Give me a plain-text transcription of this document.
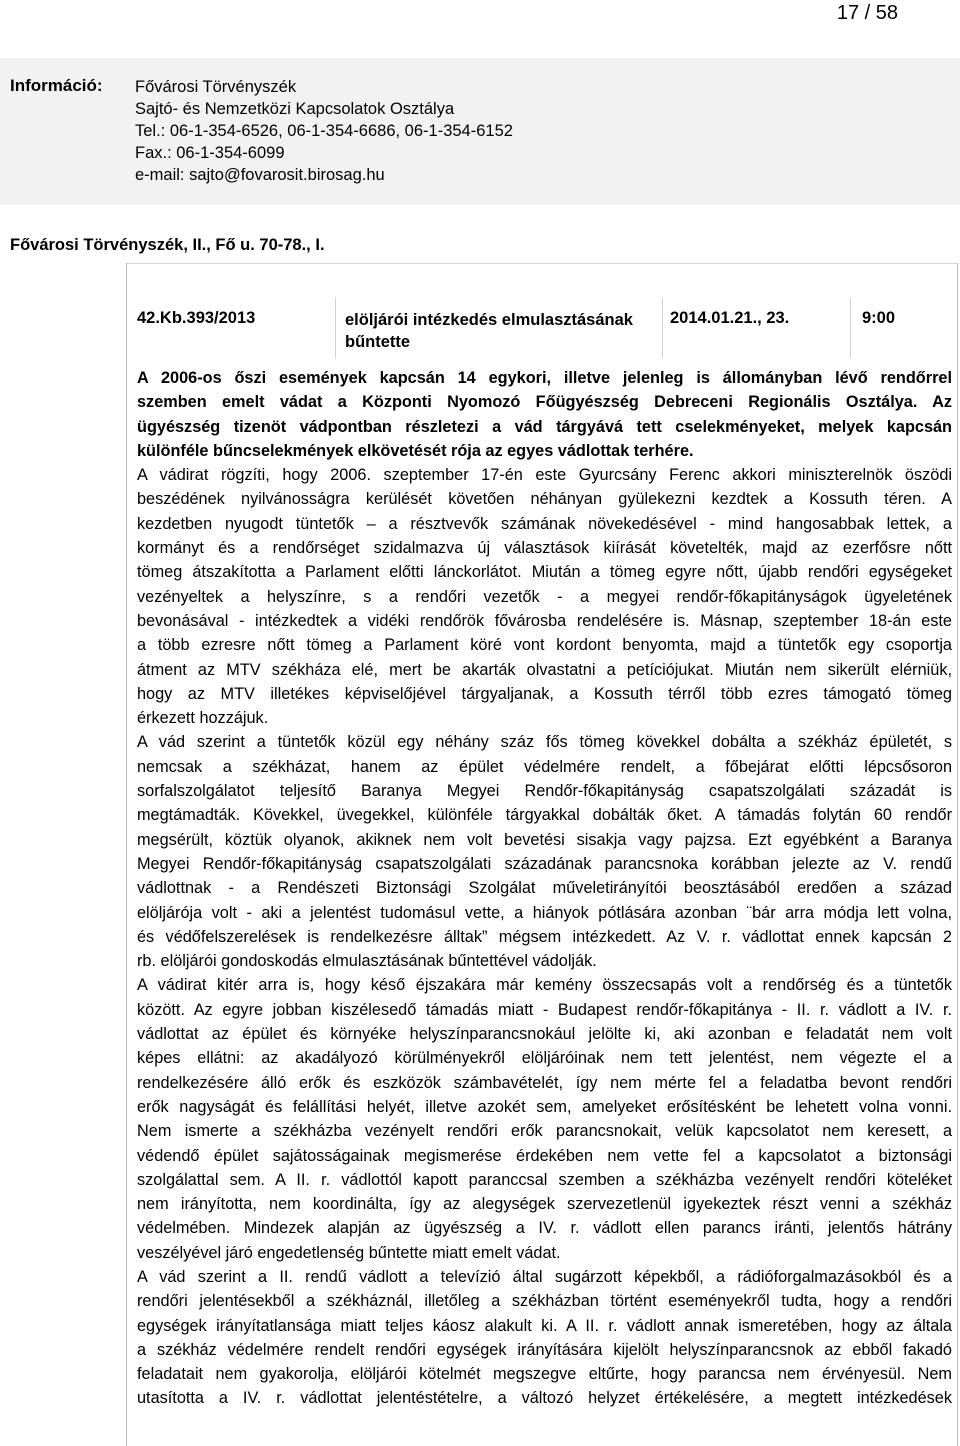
17 / 58
Információ: Fővárosi Törvényszék
Sajtó- és Nemzetközi Kapcsolatok Osztálya
Tel.: 06-1-354-6526, 06-1-354-6686, 06-1-354-6152
Fax.: 06-1-354-6099
e-mail: sajto@fovarosit.birosag.hu
Fővárosi Törvényszék, II., Fő u. 70-78., I.
42.Kb.393/2013	elöljárói intézkedés elmulasztásának
bűntette
2014.01.21., 23.	9:00
A 2006-os őszi események kapcsán 14 egykori, illetve jelenleg is állományban lévő rendőrrel
szemben emelt vádat a Központi Nyomozó Főügyészség Debreceni Regionális Osztálya. Az
ügyészség tizenöt vádpontban részletezi a vád tárgyává tett cselekményeket, melyek kapcsán
különféle bűncselekmények elkövetését rója az egyes vádlottak terhére.
A vádirat rögzíti, hogy 2006. szeptember 17-én este Gyurcsány Ferenc akkori miniszterelnök öszödi
beszédének nyilvánosságra kerülését követően néhányan gyülekezni kezdtek a Kossuth téren. A
kezdetben nyugodt tüntetők – a résztvevők számának növekedésével - mind hangosabbak lettek, a
kormányt és a rendőrséget szidalmazva új választások kiírását követelték, majd az ezerfősre nőtt
tömeg átszakította a Parlament előtti lánckorlátot. Miután a tömeg egyre nőtt, újabb rendőri egységeket
vezényeltek a helyszínre, s a rendőri vezetők - a megyei rendőr-főkapitányságok ügyeletének
bevonásával - intézkedtek a vidéki rendőrök fővárosba rendelésére is. Másnap, szeptember 18-án este
a több ezresre nőtt tömeg a Parlament köré vont kordont benyomta, majd a tüntetők egy csoportja
átment az MTV székháza elé, mert be akarták olvastatni a petíciójukat. Miután nem sikerült elérniük,
hogy az MTV illetékes képviselőjével tárgyaljanak, a Kossuth térről több ezres támogató tömeg
érkezett hozzájuk.
A vád szerint a tüntetők közül egy néhány száz fős tömeg kövekkel dobálta a székház épületét, s
nemcsak a székházat, hanem az épület védelmére rendelt, a főbejárat előtti lépcsősoron
sorfalszolgálatot teljesítő Baranya Megyei Rendőr-főkapitányság csapatszolgálati századát is
megtámadták. Kövekkel, üvegekkel, különféle tárgyakkal dobálták őket. A támadás folytán 60 rendőr
megsérült, köztük olyanok, akiknek nem volt bevetési sisakja vagy pajzsa. Ezt egyébként a Baranya
Megyei Rendőr-főkapitányság csapatszolgálati századának parancsnoka korábban jelezte az V. rendű
vádlottnak - a Rendészeti Biztonsági Szolgálat műveletirányítói beosztásából eredően a század
elöljárója volt - aki a jelentést tudomásul vette, a hiányok pótlására azonban ¨bár arra módja lett volna,
és védőfelszerelések is rendelkezésre álltak” mégsem intézkedett. Az V. r. vádlottat ennek kapcsán 2
rb. elöljárói gondoskodás elmulasztásának bűntettével vádolják.
A vádirat kitér arra is, hogy késő éjszakára már kemény összecsapás volt a rendőrség és a tüntetők
között. Az egyre jobban kiszélesedő támadás miatt - Budapest rendőr-főkapitánya - II. r. vádlott a IV. r.
vádlottat az épület és környéke helyszínparancsnokául jelölte ki, aki azonban e feladatát nem volt
képes ellátni: az akadályozó körülményekről elöljáróinak nem tett jelentést, nem végezte el a
rendelkezésére álló erők és eszközök számbavételét, így nem mérte fel a feladatba bevont rendőri
erők nagyságát és felállítási helyét, illetve azokét sem, amelyeket erősítésként be lehetett volna vonni.
Nem ismerte a székházba vezényelt rendőri erők parancsnokait, velük kapcsolatot nem keresett, a
védendő épület sajátosságainak megismerése érdekében nem vette fel a kapcsolatot a biztonsági
szolgálattal sem. A II. r. vádlottól kapott paranccsal szemben a székházba vezényelt rendőri köteléket
nem irányította, nem koordinálta, így az alegységek szervezetlenül igyekeztek részt venni a székház
védelmében. Mindezek alapján az ügyészség a IV. r. vádlott ellen parancs iránti, jelentős hátrány
veszélyével járó engedetlenség bűntette miatt emelt vádat.
A vád szerint a II. rendű vádlott a televízió által sugárzott képekből, a rádióforgalmazásokból és a
rendőri jelentésekből a székháznál, illetőleg a székházban történt eseményekről tudta, hogy a rendőri
egységek irányítatlansága miatt teljes káosz alakult ki. A II. r. vádlott annak ismeretében, hogy az általa
a székház védelmére rendelt rendőri egységek irányítására kijelölt helyszínparancsnok az ebből fakadó
feladatait nem gyakorolja, elöljárói kötelmét megszegve eltűrte, hogy parancsa nem érvényesül. Nem
utasította a IV. r. vádlottat jelentéstételre, a változó helyzet értékelésére, a megtett intézkedések
